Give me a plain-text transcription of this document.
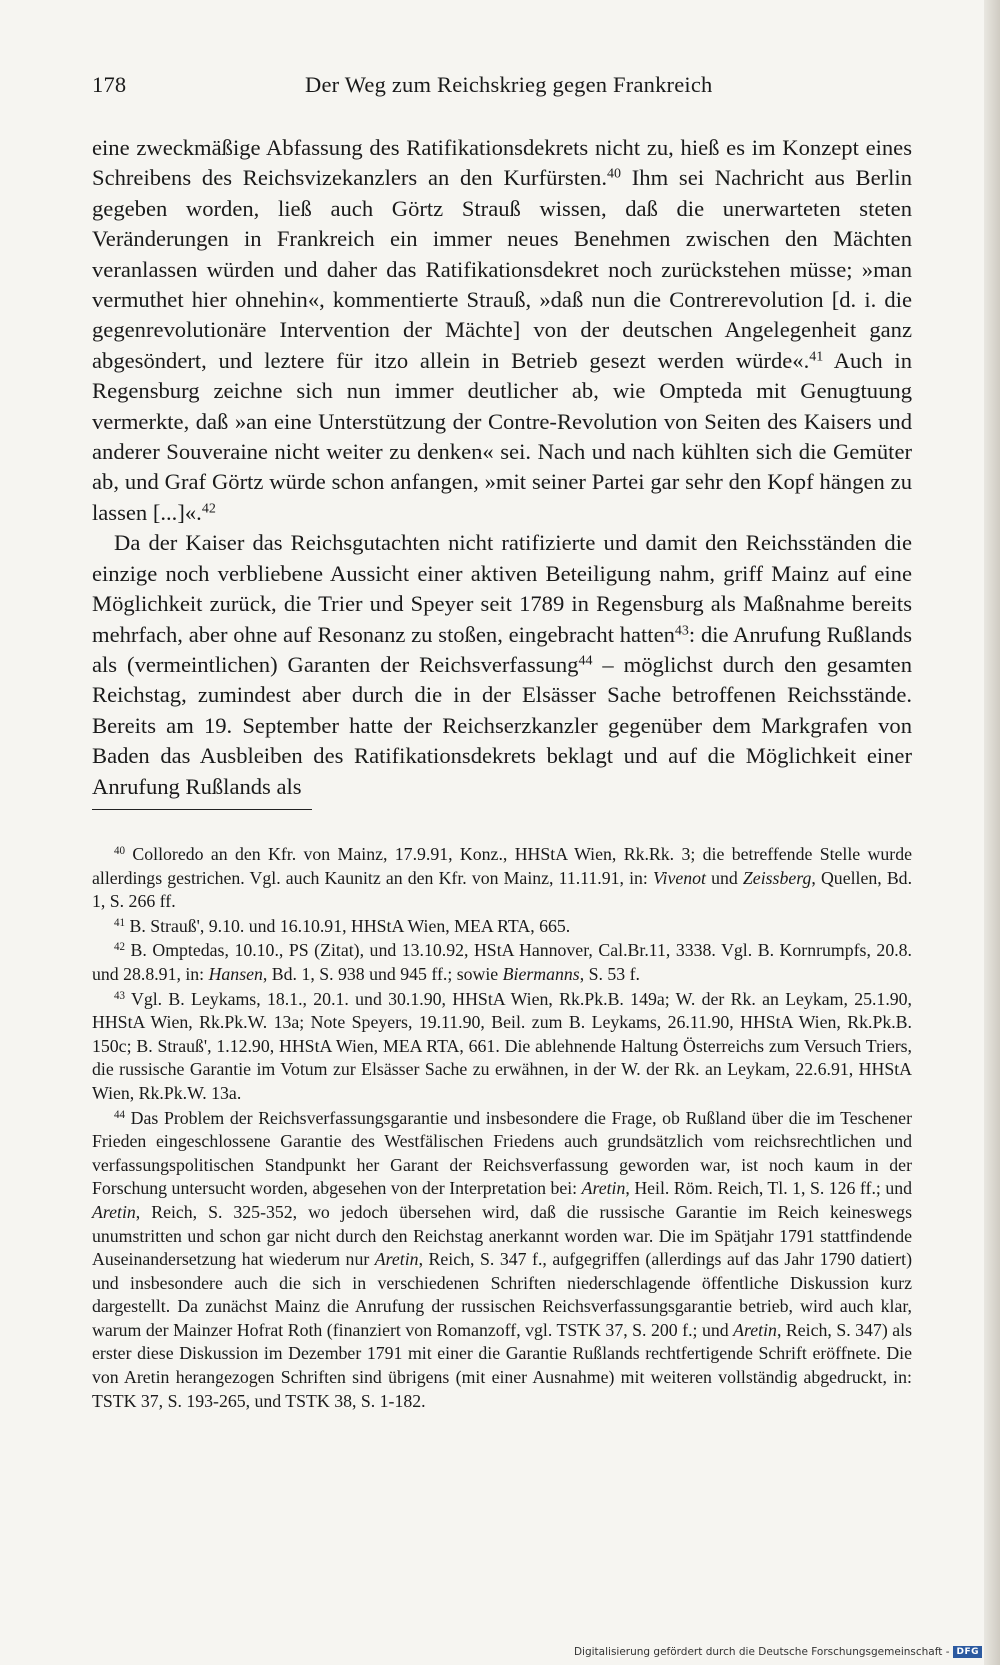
178	Der Weg zum Reichskrieg gegen Frankreich

eine zweckmäßige Abfassung des Ratifikationsdekrets nicht zu, hieß es im Konzept eines Schreibens des Reichsvizekanzlers an den Kurfürsten.$^{40}$ Ihm sei Nachricht aus Berlin gegeben worden, ließ auch Görtz Strauß wissen, daß die unerwarteten steten Veränderungen in Frankreich ein immer neues Benehmen zwischen den Mächten veranlassen würden und daher das Ratifikationsdekret noch zurückstehen müsse; »man vermuthet hier ohnehin«, kommentierte Strauß, »daß nun die Contrerevolution [d. i. die gegenrevolutionäre Intervention der Mächte] von der deutschen Angelegenheit ganz abgesöndert, und leztere für itzo allein in Betrieb gesezt werden würde«.$^{41}$ Auch in Regensburg zeichne sich nun immer deutlicher ab, wie Ompteda mit Genugtuung vermerkte, daß »an eine Unterstützung der Contre-Revolution von Seiten des Kaisers und anderer Souveraine nicht weiter zu denken« sei. Nach und nach kühlten sich die Gemüter ab, und Graf Görtz würde schon anfangen, »mit seiner Partei gar sehr den Kopf hängen zu lassen [...]«.$^{42}$

Da der Kaiser das Reichsgutachten nicht ratifizierte und damit den Reichsständen die einzige noch verbliebene Aussicht einer aktiven Beteiligung nahm, griff Mainz auf eine Möglichkeit zurück, die Trier und Speyer seit 1789 in Regensburg als Maßnahme bereits mehrfach, aber ohne auf Resonanz zu stoßen, eingebracht hatten$^{43}$: die Anrufung Rußlands als (vermeintlichen) Garanten der Reichsverfassung$^{44}$ – möglichst durch den gesamten Reichstag, zumindest aber durch die in der Elsässer Sache betroffenen Reichsstände. Bereits am 19. September hatte der Reichserzkanzler gegenüber dem Markgrafen von Baden das Ausbleiben des Ratifikationsdekrets beklagt und auf die Möglichkeit einer Anrufung Rußlands als

$^{40}$ Colloredo an den Kfr. von Mainz, 17.9.91, Konz., HHStA Wien, Rk.Rk. 3; die betreffende Stelle wurde allerdings gestrichen. Vgl. auch Kaunitz an den Kfr. von Mainz, 11.11.91, in: Vivenot und Zeissberg, Quellen, Bd. 1, S. 266 ff.

$^{41}$ B. Strauß', 9.10. und 16.10.91, HHStA Wien, MEA RTA, 665.

$^{42}$ B. Omptedas, 10.10., PS (Zitat), und 13.10.92, HStA Hannover, Cal.Br.11, 3338. Vgl. B. Kornrumpfs, 20.8. und 28.8.91, in: Hansen, Bd. 1, S. 938 und 945 ff.; sowie Biermanns, S. 53 f.

$^{43}$ Vgl. B. Leykams, 18.1., 20.1. und 30.1.90, HHStA Wien, Rk.Pk.B. 149a; W. der Rk. an Leykam, 25.1.90, HHStA Wien, Rk.Pk.W. 13a; Note Speyers, 19.11.90, Beil. zum B. Leykams, 26.11.90, HHStA Wien, Rk.Pk.B. 150c; B. Strauß', 1.12.90, HHStA Wien, MEA RTA, 661. Die ablehnende Haltung Österreichs zum Versuch Triers, die russische Garantie im Votum zur Elsässer Sache zu erwähnen, in der W. der Rk. an Leykam, 22.6.91, HHStA Wien, Rk.Pk.W. 13a.

$^{44}$ Das Problem der Reichsverfassungsgarantie und insbesondere die Frage, ob Rußland über die im Teschener Frieden eingeschlossene Garantie des Westfälischen Friedens auch grundsätzlich vom reichsrechtlichen und verfassungspolitischen Standpunkt her Garant der Reichsverfassung geworden war, ist noch kaum in der Forschung untersucht worden, abgesehen von der Interpretation bei: Aretin, Heil. Röm. Reich, Tl. 1, S. 126 ff.; und Aretin, Reich, S. 325-352, wo jedoch übersehen wird, daß die russische Garantie im Reich keineswegs unumstritten und schon gar nicht durch den Reichstag anerkannt worden war. Die im Spätjahr 1791 stattfindende Auseinandersetzung hat wiederum nur Aretin, Reich, S. 347 f., aufgegriffen (allerdings auf das Jahr 1790 datiert) und insbesondere auch die sich in verschiedenen Schriften niederschlagende öffentliche Diskussion kurz dargestellt. Da zunächst Mainz die Anrufung der russischen Reichsverfassungsgarantie betrieb, wird auch klar, warum der Mainzer Hofrat Roth (finanziert von Romanzoff, vgl. TSTK 37, S. 200 f.; und Aretin, Reich, S. 347) als erster diese Diskussion im Dezember 1791 mit einer die Garantie Rußlands rechtfertigende Schrift eröffnete. Die von Aretin herangezogen Schriften sind übrigens (mit einer Ausnahme) mit weiteren vollständig abgedruckt, in: TSTK 37, S. 193-265, und TSTK 38, S. 1-182.

Digitalisierung gefördert durch die Deutsche Forschungsgemeinschaft - DFG
